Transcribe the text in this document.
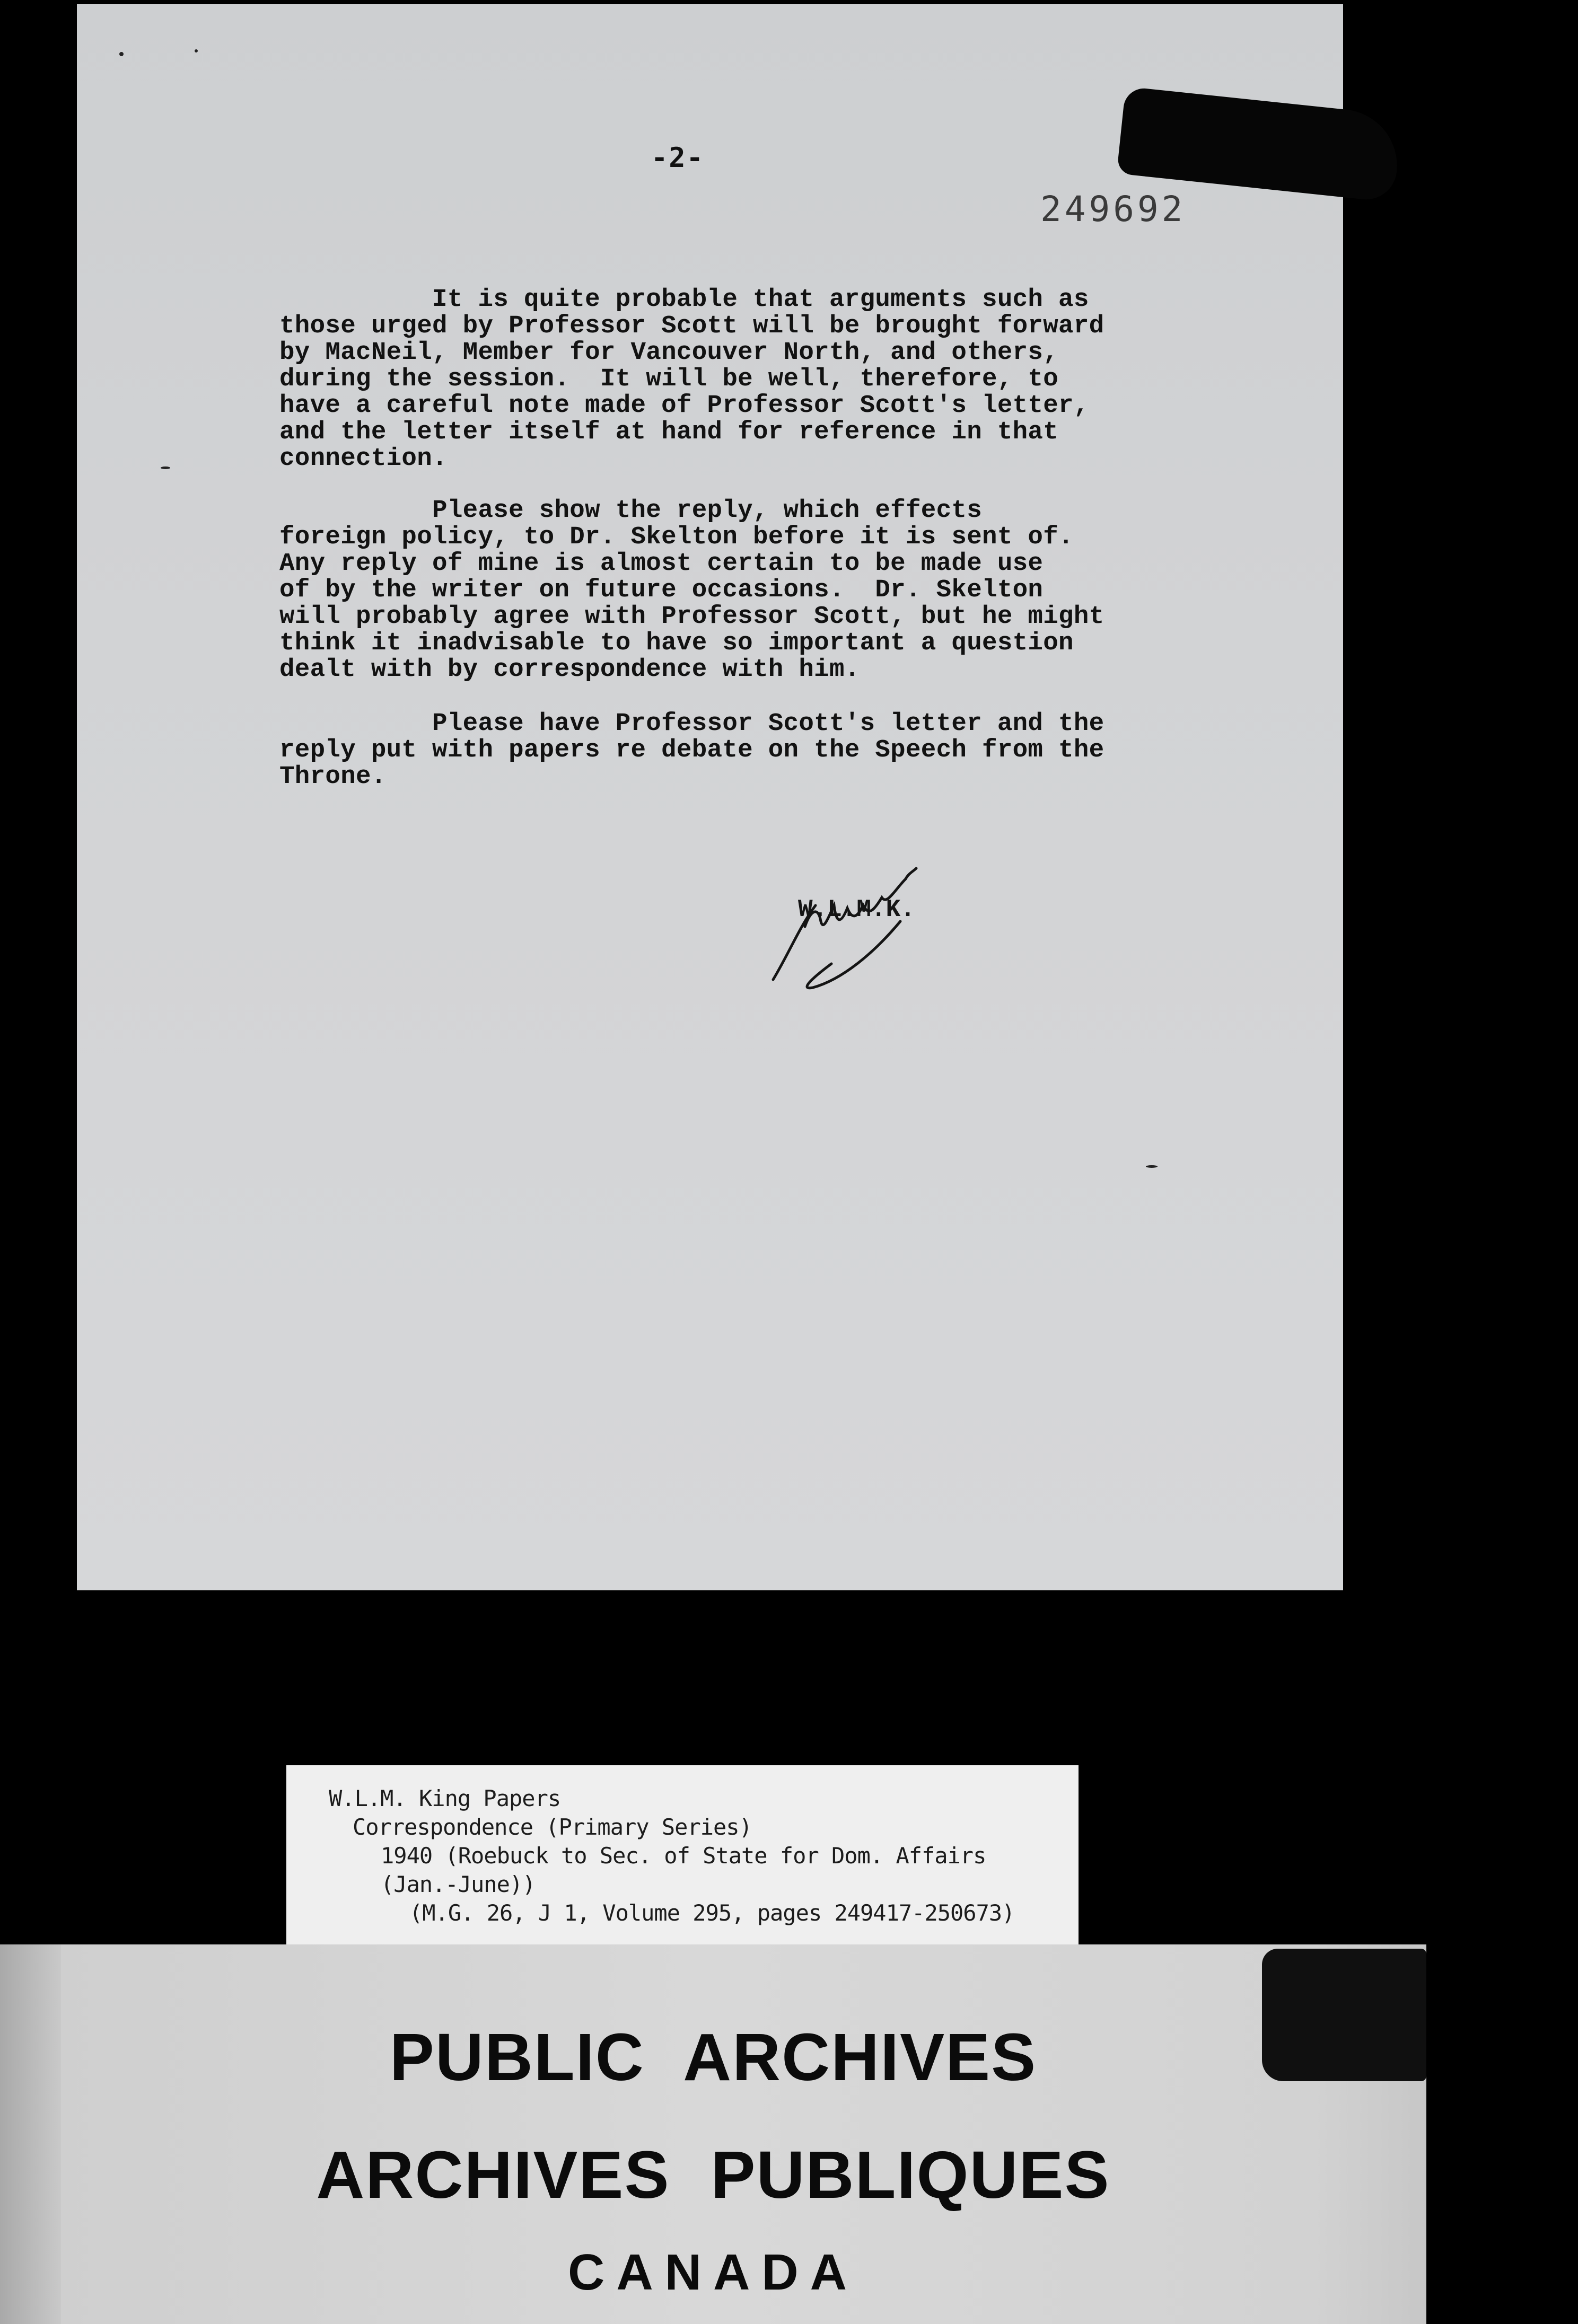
-2-
249692
It is quite probable that arguments such as
those urged by Professor Scott will be brought forward
by MacNeil, Member for Vancouver North, and others,
during the session.  It will be well, therefore, to
have a careful note made of Professor Scott's letter,
and the letter itself at hand for reference in that
connection.
Please show the reply, which effects
foreign policy, to Dr. Skelton before it is sent of.
Any reply of mine is almost certain to be made use
of by the writer on future occasions.  Dr. Skelton
will probably agree with Professor Scott, but he might
think it inadvisable to have so important a question
dealt with by correspondence with him.
Please have Professor Scott's letter and the
reply put with papers re debate on the Speech from the
Throne.
W.L.M.K.
W.L.M. King Papers
Correspondence (Primary Series)
1940 (Roebuck to Sec. of State for Dom. Affairs
(Jan.-June))
(M.G. 26, J 1, Volume 295, pages 249417-250673)
PUBLIC ARCHIVES
ARCHIVES PUBLIQUES
CANADA
